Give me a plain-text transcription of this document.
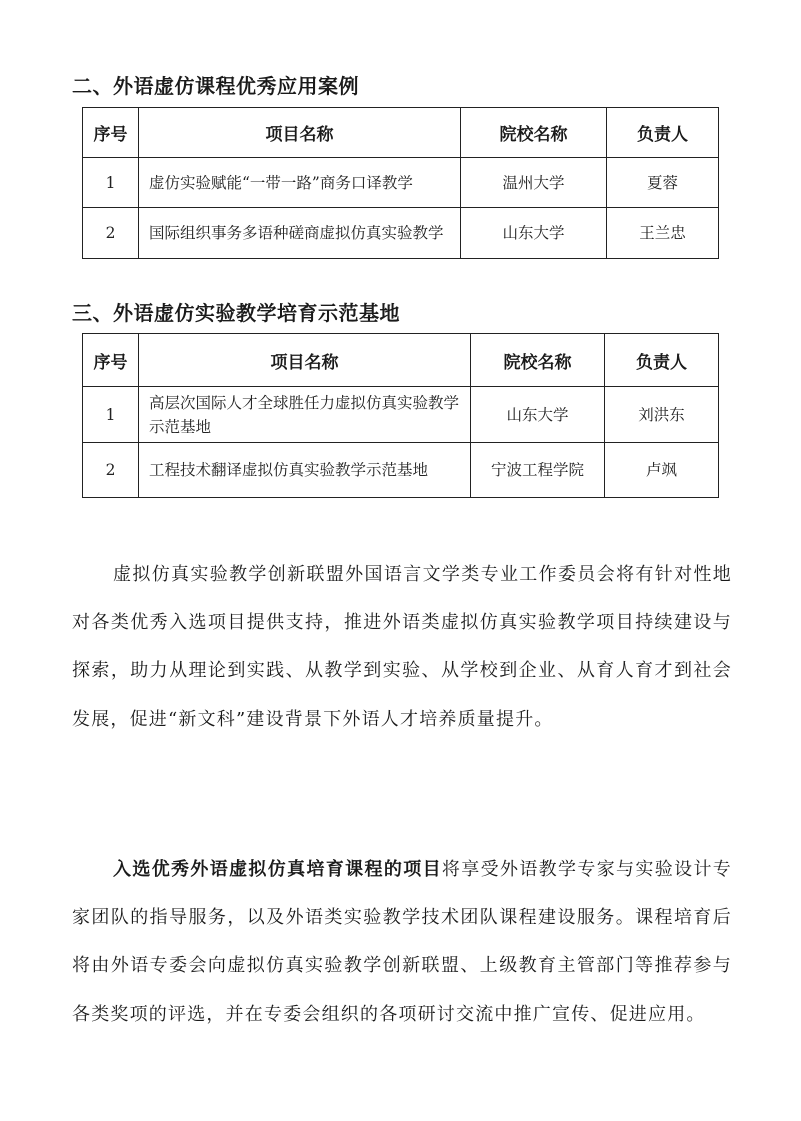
二、外语虚仿课程优秀应用案例
序号	项目名称	院校名称	负责人
1	虚仿实验赋能“一带一路”商务口译教学	温州大学	夏蓉
2	国际组织事务多语种磋商虚拟仿真实验教学	山东大学	王兰忠
三、外语虚仿实验教学培育示范基地
序号	项目名称	院校名称	负责人
1	高层次国际人才全球胜任力虚拟仿真实验教学示范基地	山东大学	刘洪东
2	工程技术翻译虚拟仿真实验教学示范基地	宁波工程学院	卢飒
虚拟仿真实验教学创新联盟外国语言文学类专业工作委员会将有针对性地对各类优秀入选项目提供支持，推进外语类虚拟仿真实验教学项目持续建设与探索，助力从理论到实践、从教学到实验、从学校到企业、从育人育才到社会发展，促进“新文科”建设背景下外语人才培养质量提升。
入选优秀外语虚拟仿真培育课程的项目将享受外语教学专家与实验设计专家团队的指导服务，以及外语类实验教学技术团队课程建设服务。课程培育后将由外语专委会向虚拟仿真实验教学创新联盟、上级教育主管部门等推荐参与各类奖项的评选，并在专委会组织的各项研讨交流中推广宣传、促进应用。
